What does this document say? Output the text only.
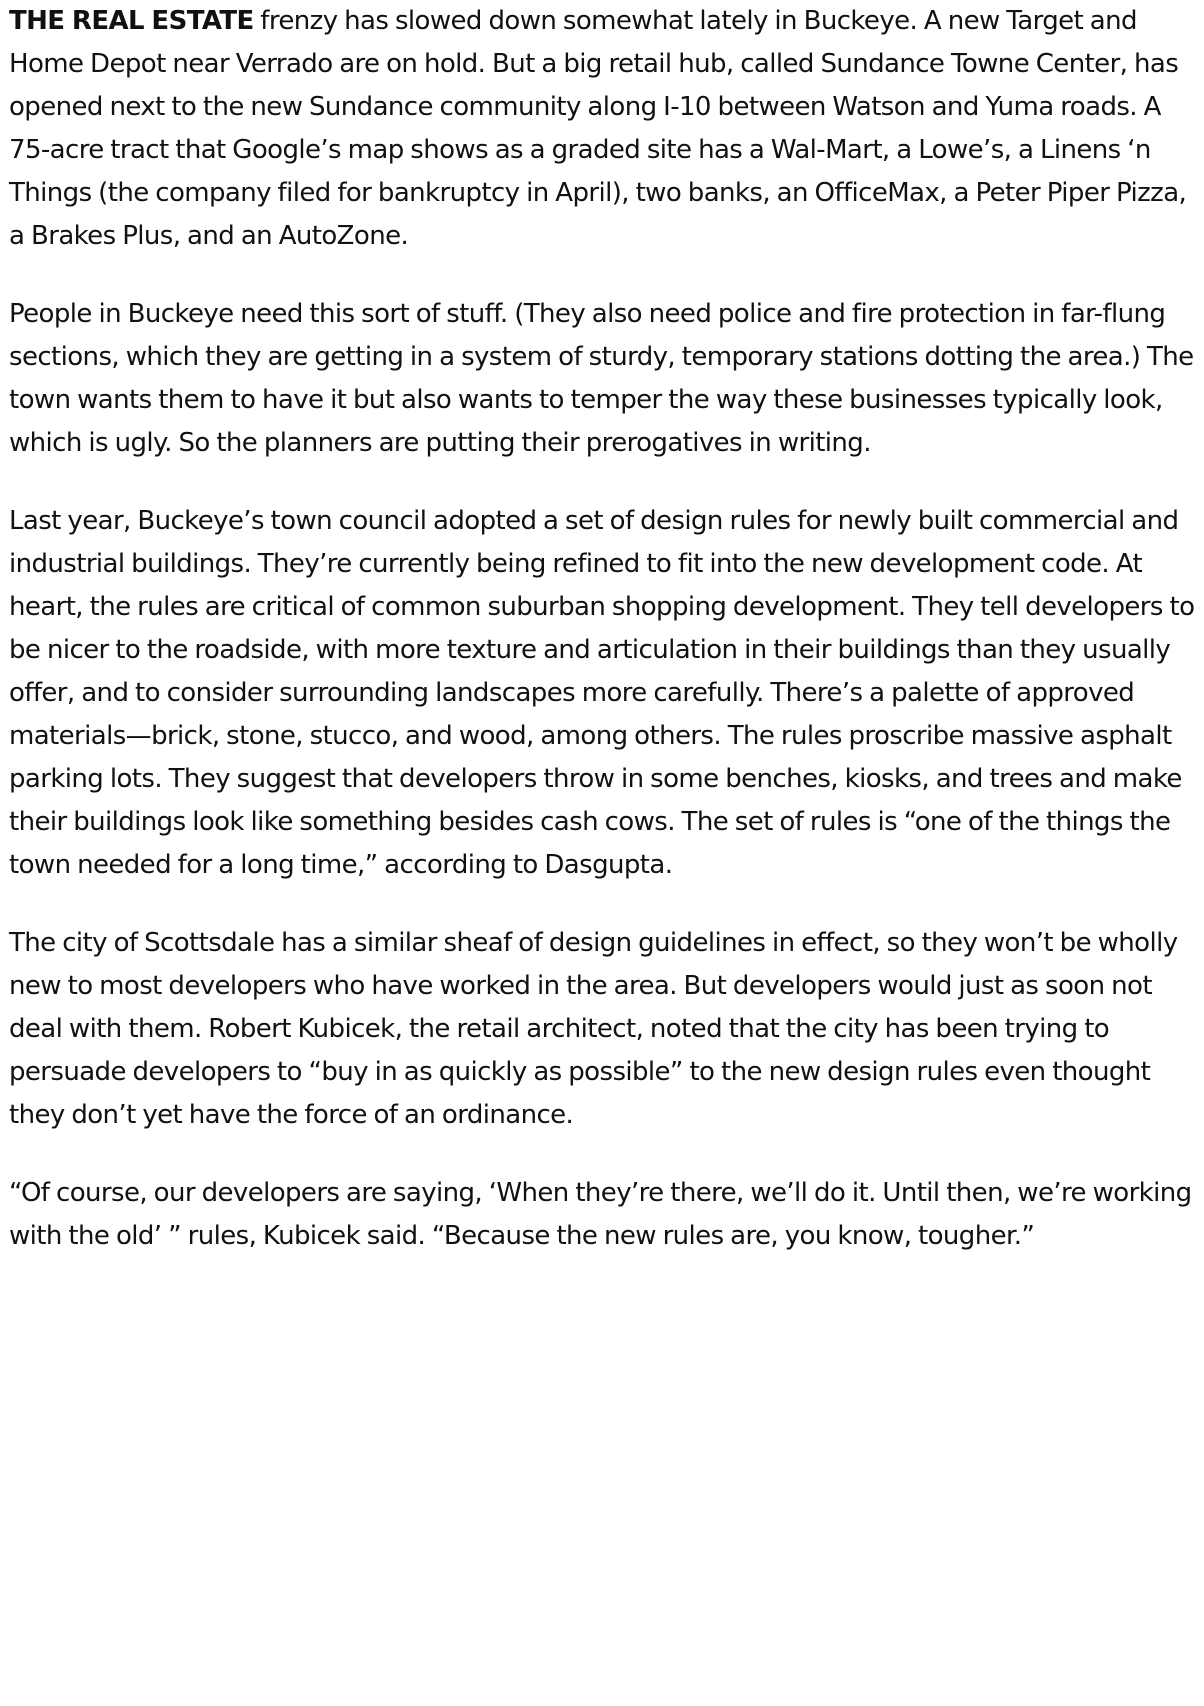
THE REAL ESTATE frenzy has slowed down somewhat lately in Buckeye. A new Target and Home Depot near Verrado are on hold. But a big retail hub, called Sundance Towne Center, has opened next to the new Sundance community along I-10 between Watson and Yuma roads. A 75-acre tract that Google’s map shows as a graded site has a Wal-Mart, a Lowe’s, a Linens ‘n Things (the company filed for bankruptcy in April), two banks, an OfficeMax, a Peter Piper Pizza, a Brakes Plus, and an AutoZone.

People in Buckeye need this sort of stuff. (They also need police and fire protection in far-flung sections, which they are getting in a system of sturdy, temporary stations dotting the area.) The town wants them to have it but also wants to temper the way these businesses typically look, which is ugly. So the planners are putting their prerogatives in writing.

Last year, Buckeye’s town council adopted a set of design rules for newly built commercial and industrial buildings. They’re currently being refined to fit into the new development code. At heart, the rules are critical of common suburban shopping development. They tell developers to be nicer to the roadside, with more texture and articulation in their buildings than they usually offer, and to consider surrounding landscapes more carefully. There’s a palette of approved materials—brick, stone, stucco, and wood, among others. The rules proscribe massive asphalt parking lots. They suggest that developers throw in some benches, kiosks, and trees and make their buildings look like something besides cash cows. The set of rules is “one of the things the town needed for a long time,” according to Dasgupta.

The city of Scottsdale has a similar sheaf of design guidelines in effect, so they won’t be wholly new to most developers who have worked in the area. But developers would just as soon not deal with them. Robert Kubicek, the retail architect, noted that the city has been trying to persuade developers to “buy in as quickly as possible” to the new design rules even thought they don’t yet have the force of an ordinance.

“Of course, our developers are saying, ‘When they’re there, we’ll do it. Until then, we’re working with the old’ ” rules, Kubicek said. “Because the new rules are, you know, tougher.”
